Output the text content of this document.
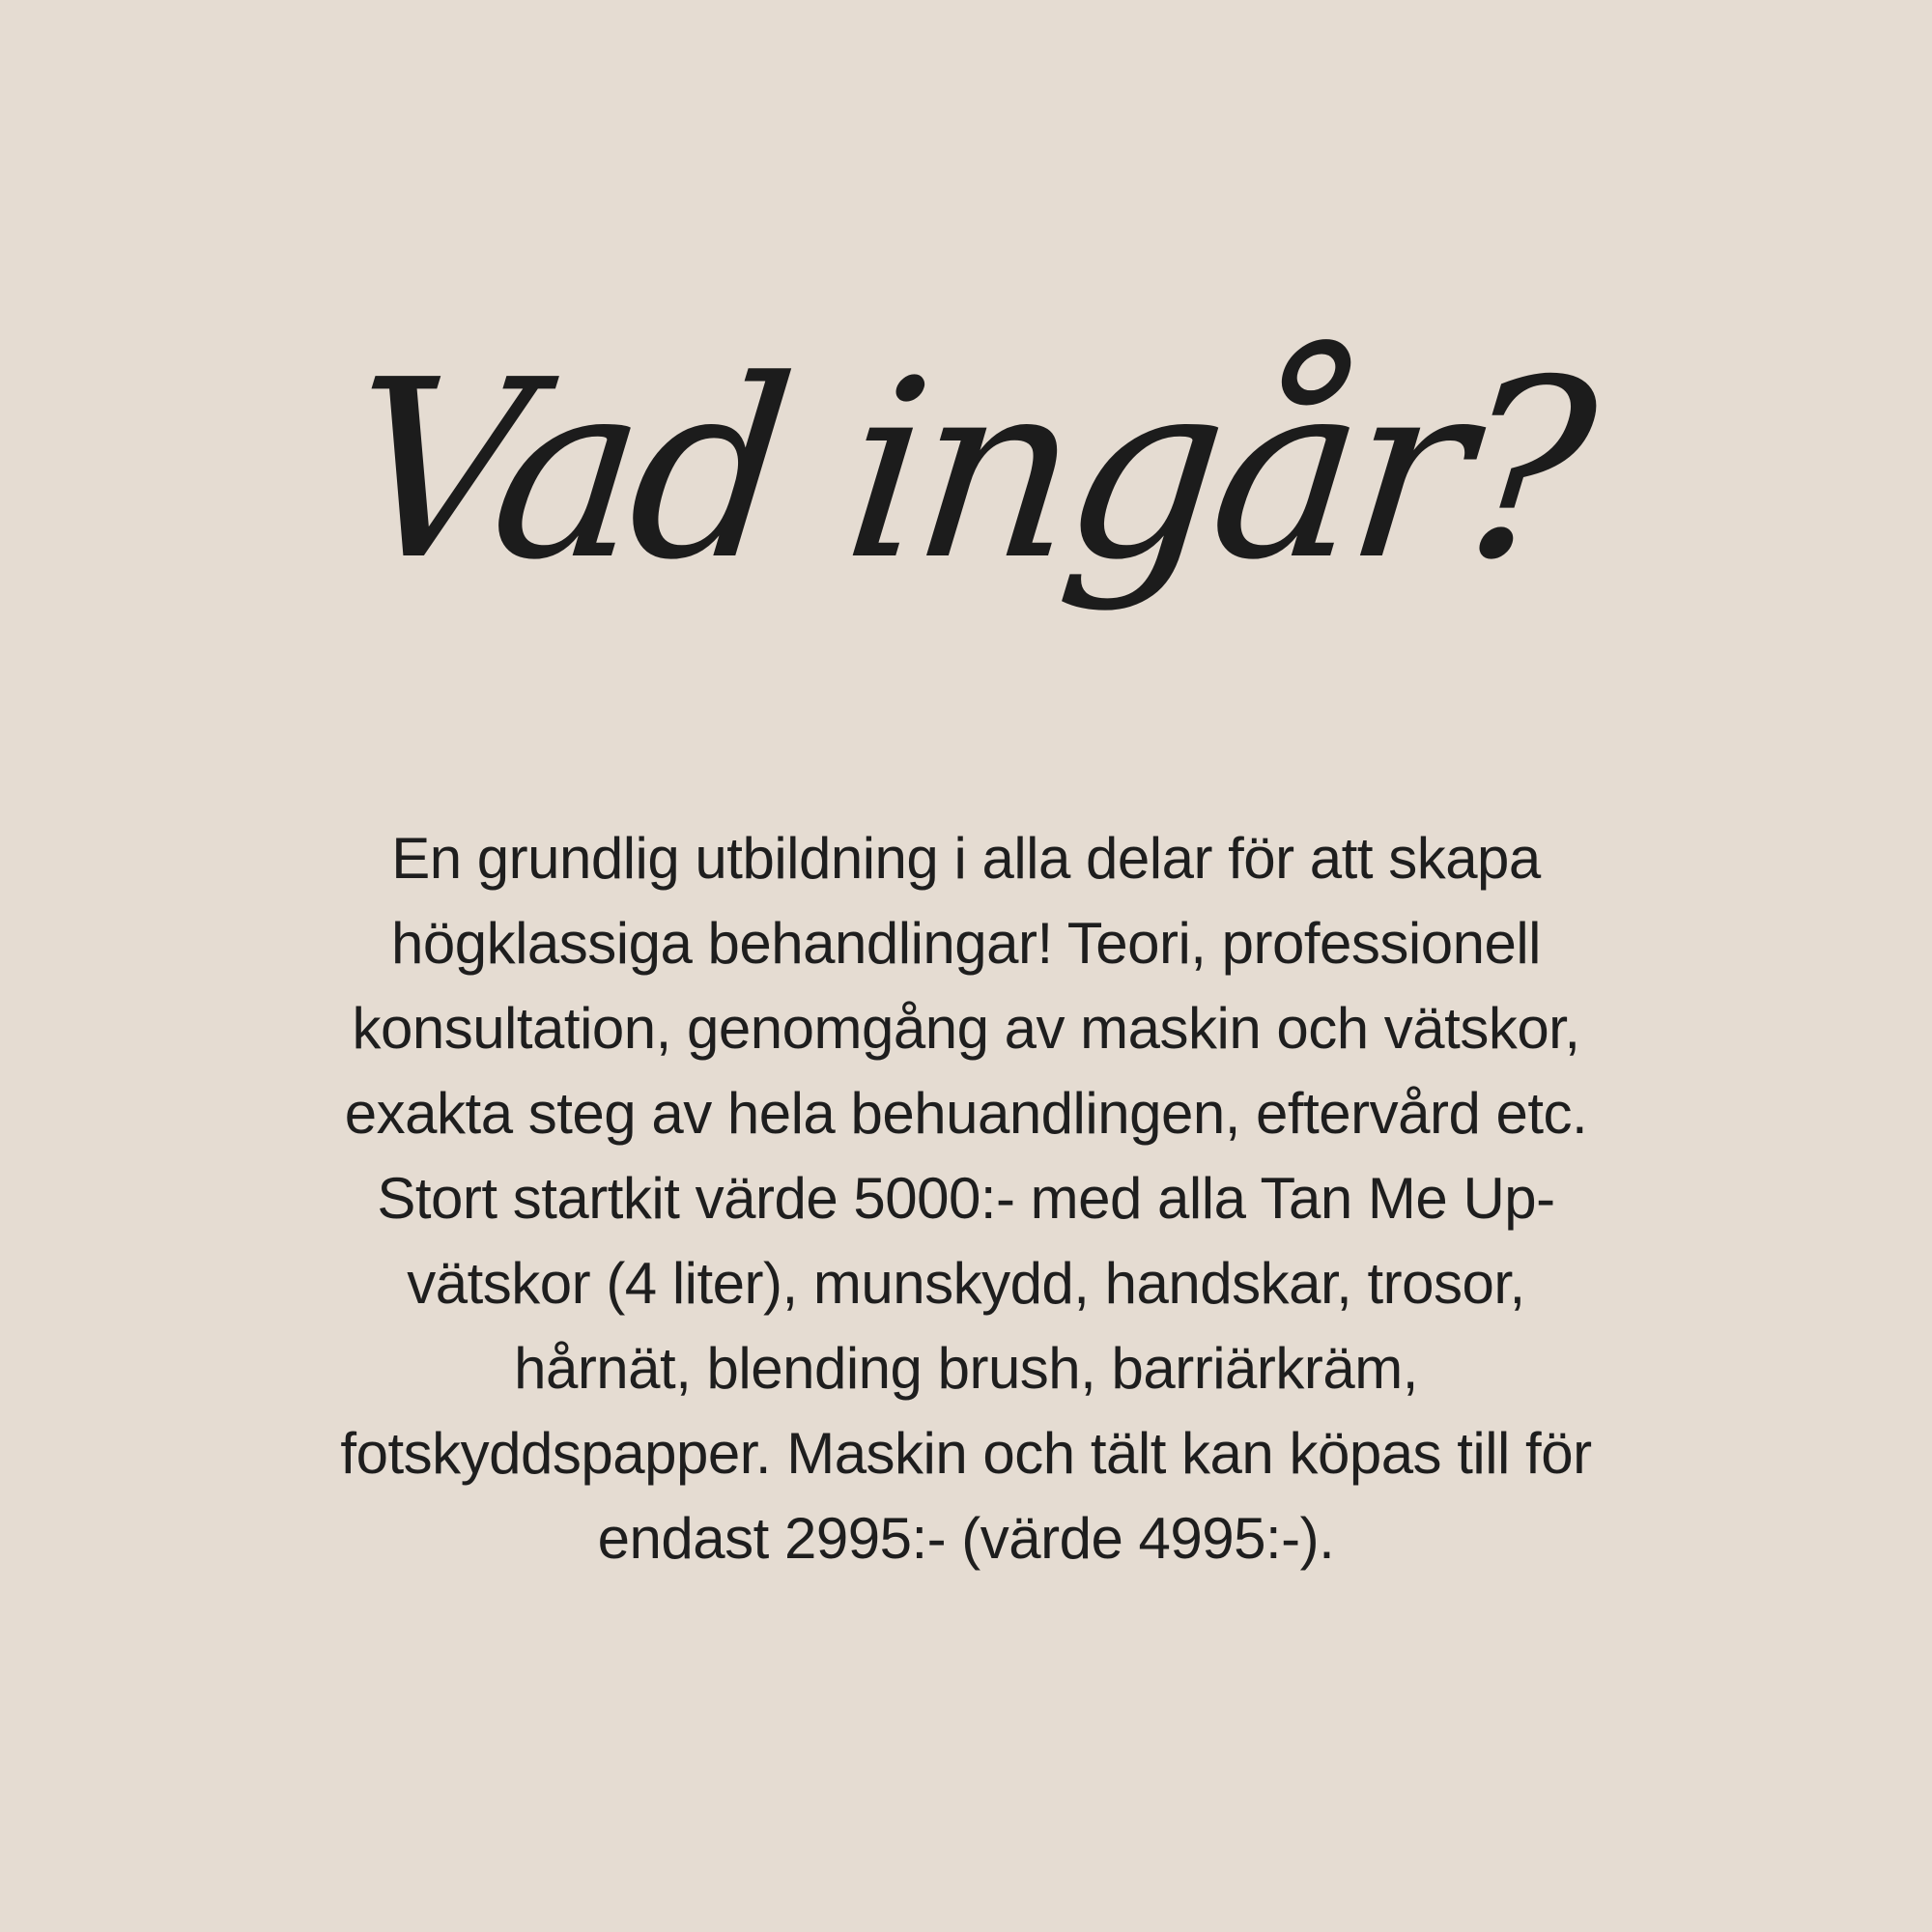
Vad ingår?
En grundlig utbildning i alla delar för att skapa
högklassiga behandlingar! Teori, professionell
konsultation, genomgång av maskin och vätskor,
exakta steg av hela behuandlingen, eftervård etc.
Stort startkit värde 5000:- med alla Tan Me Up-
vätskor (4 liter), munskydd, handskar, trosor,
hårnät, blending brush, barriärkräm,
fotskyddspapper. Maskin och tält kan köpas till för
endast 2995:- (värde 4995:-).
